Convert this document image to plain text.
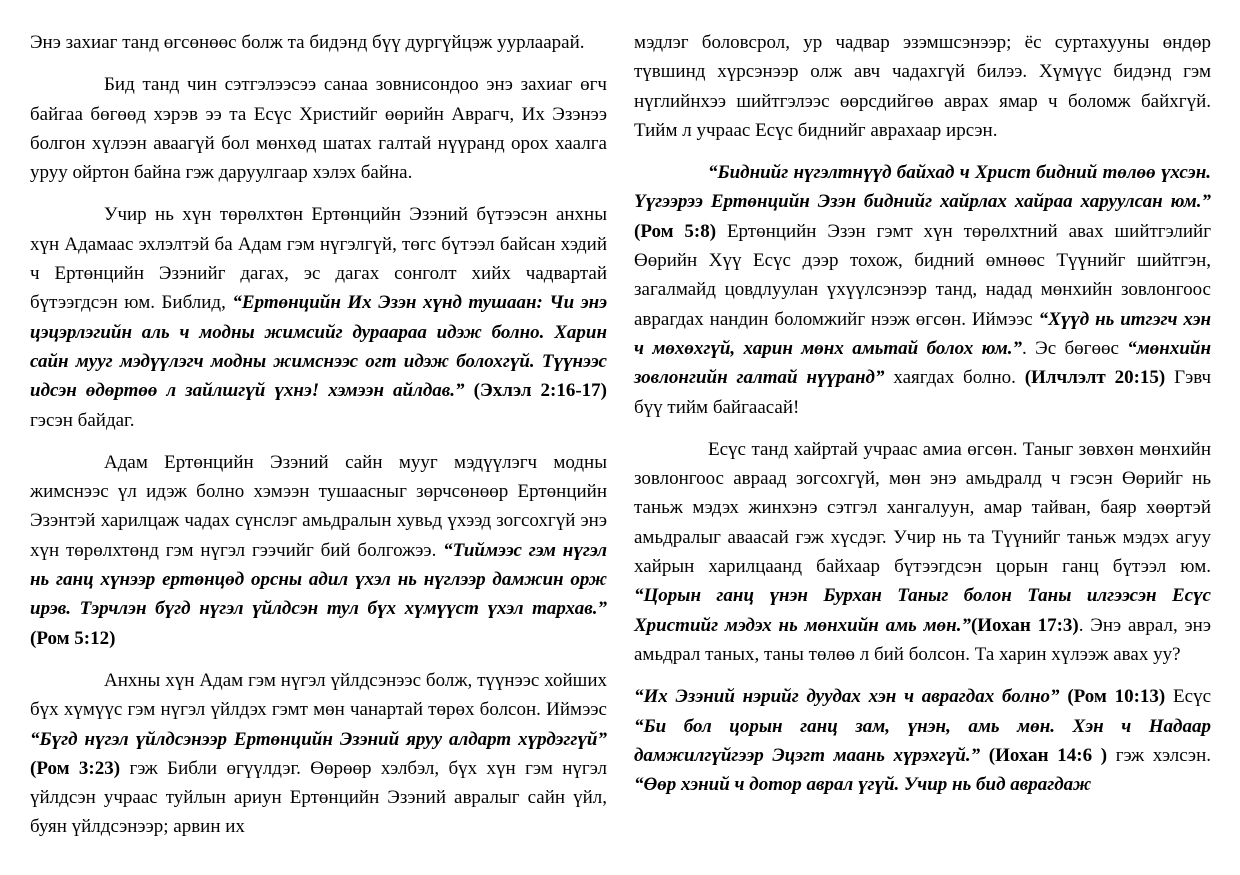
Энэ захиаг танд өгсөнөөс болж та бидэнд бүү дургүйцэж уурлаарай.

Бид танд чин сэтгэлээсээ санаа зовнисондоо энэ захиаг өгч байгаа бөгөөд хэрэв ээ та Есүс Христийг өөрийн Аврагч, Их Эзэнээ болгон хүлээн аваагүй бол мөнхөд шатах галтай нүүранд орох хаалга уруу ойртон байна гэж даруулгаар хэлэх байна.

Учир нь хүн төрөлхтөн Ертөнцийн Эзэний бүтээсэн анхны хүн Адамаас эхлэлтэй ба Адам гэм нүгэлгүй, төгс бүтээл байсан хэдий ч Ертөнцийн Эзэнийг дагах, эс дагах сонголт хийх чадвартай бүтээгдсэн юм. Библид, “Ертөнцийн Их Эзэн хүнд тушаан: Чи энэ цэцэрлэгийн аль ч модны жимсийг дураараа идэж болно. Харин сайн мууг мэдүүлэгч модны жимснээс огт идэж болохгүй. Түүнээс идсэн өдөртөө л зайлшгүй үхнэ! хэмээн айлдав.” (Эхлэл 2:16-17) гэсэн байдаг.

Адам Ертөнцийн Эзэний сайн мууг мэдүүлэгч модны жимснээс үл идэж болно хэмээн тушаасныг зөрчсөнөөр Ертөнцийн Эзэнтэй харилцаж чадах сүнслэг амьдралын хувьд үхээд зогсохгүй энэ хүн төрөлхтөнд гэм нүгэл гээчийг бий болгожээ. “Тиймээс гэм нүгэл нь ганц хүнээр ертөнцөд орсны адил үхэл нь нүглээр дамжин орж ирэв. Тэрчлэн бүгд нүгэл үйлдсэн тул бүх хүмүүст үхэл тархав.” (Ром 5:12)

Анхны хүн Адам гэм нүгэл үйлдсэнээс болж, түүнээс хойших бүх хүмүүс гэм нүгэл үйлдэх гэмт мөн чанартай төрөх болсон. Иймээс “Бүгд нүгэл үйлдсэнээр Ертөнцийн Эзэний яруу алдарт хүрдэггүй” (Ром 3:23) гэж Библи өгүүлдэг. Өөрөөр хэлбэл, бүх хүн гэм нүгэл үйлдсэн учраас туйлын ариун Ертөнцийн Эзэний авралыг сайн үйл, буян үйлдсэнээр; арвин их

мэдлэг боловсрол, ур чадвар эзэмшсэнээр; ёс суртахууны өндөр түвшинд хүрсэнээр олж авч чадахгүй билээ. Хүмүүс бидэнд гэм нүглийнхээ шийтгэлээс өөрсдийгөө аврах ямар ч боломж байхгүй. Тийм л учраас Есүс биднийг аврахаар ирсэн.

“Биднийг нүгэлтнүүд байхад ч Христ бидний төлөө үхсэн. Үүгээрээ Ертөнцийн Эзэн биднийг хайрлах хайраа харуулсан юм.” (Ром 5:8) Ертөнцийн Эзэн гэмт хүн төрөлхтний авах шийтгэлийг Өөрийн Хүү Есүс дээр тохож, бидний өмнөөс Түүнийг шийтгэн, загалмайд цовдлуулан үхүүлсэнээр танд, надад мөнхийн зовлонгоос аврагдах нандин боломжийг нээж өгсөн. Иймээс “Хүүд нь итгэгч хэн ч мөхөхгүй, харин мөнх амьтай болох юм.”. Эс бөгөөс “мөнхийн зовлонгийн галтай нүүранд” хаягдах болно. (Илчлэлт 20:15) Гэвч бүү тийм байгаасай!

Есүс танд хайртай учраас амиа өгсөн. Таныг зөвхөн мөнхийн зовлонгоос авраад зогсохгүй, мөн энэ амьдралд ч гэсэн Өөрийг нь таньж мэдэх жинхэнэ сэтгэл хангалуун, амар тайван, баяр хөөртэй амьдралыг аваасай гэж хүсдэг. Учир нь та Түүнийг таньж мэдэх агуу хайрын харилцаанд байхаар бүтээгдсэн цорын ганц бүтээл юм. “Цорын ганц үнэн Бурхан Таныг болон Таны илгээсэн Есүс Христийг мэдэх нь мөнхийн амь мөн.”(Иохан 17:3). Энэ аврал, энэ амьдрал таных, таны төлөө л бий болсон. Та харин хүлээж авах уу?

“Их Эзэний нэрийг дуудах хэн ч аврагдах болно” (Ром 10:13) Есүс “Би бол цорын ганц зам, үнэн, амь мөн. Хэн ч Надаар дамжилгүйгээр Эцэгт маань хүрэхгүй.” (Иохан 14:6 ) гэж хэлсэн. “Өөр хэний ч дотор аврал үгүй. Учир нь бид аврагдаж
